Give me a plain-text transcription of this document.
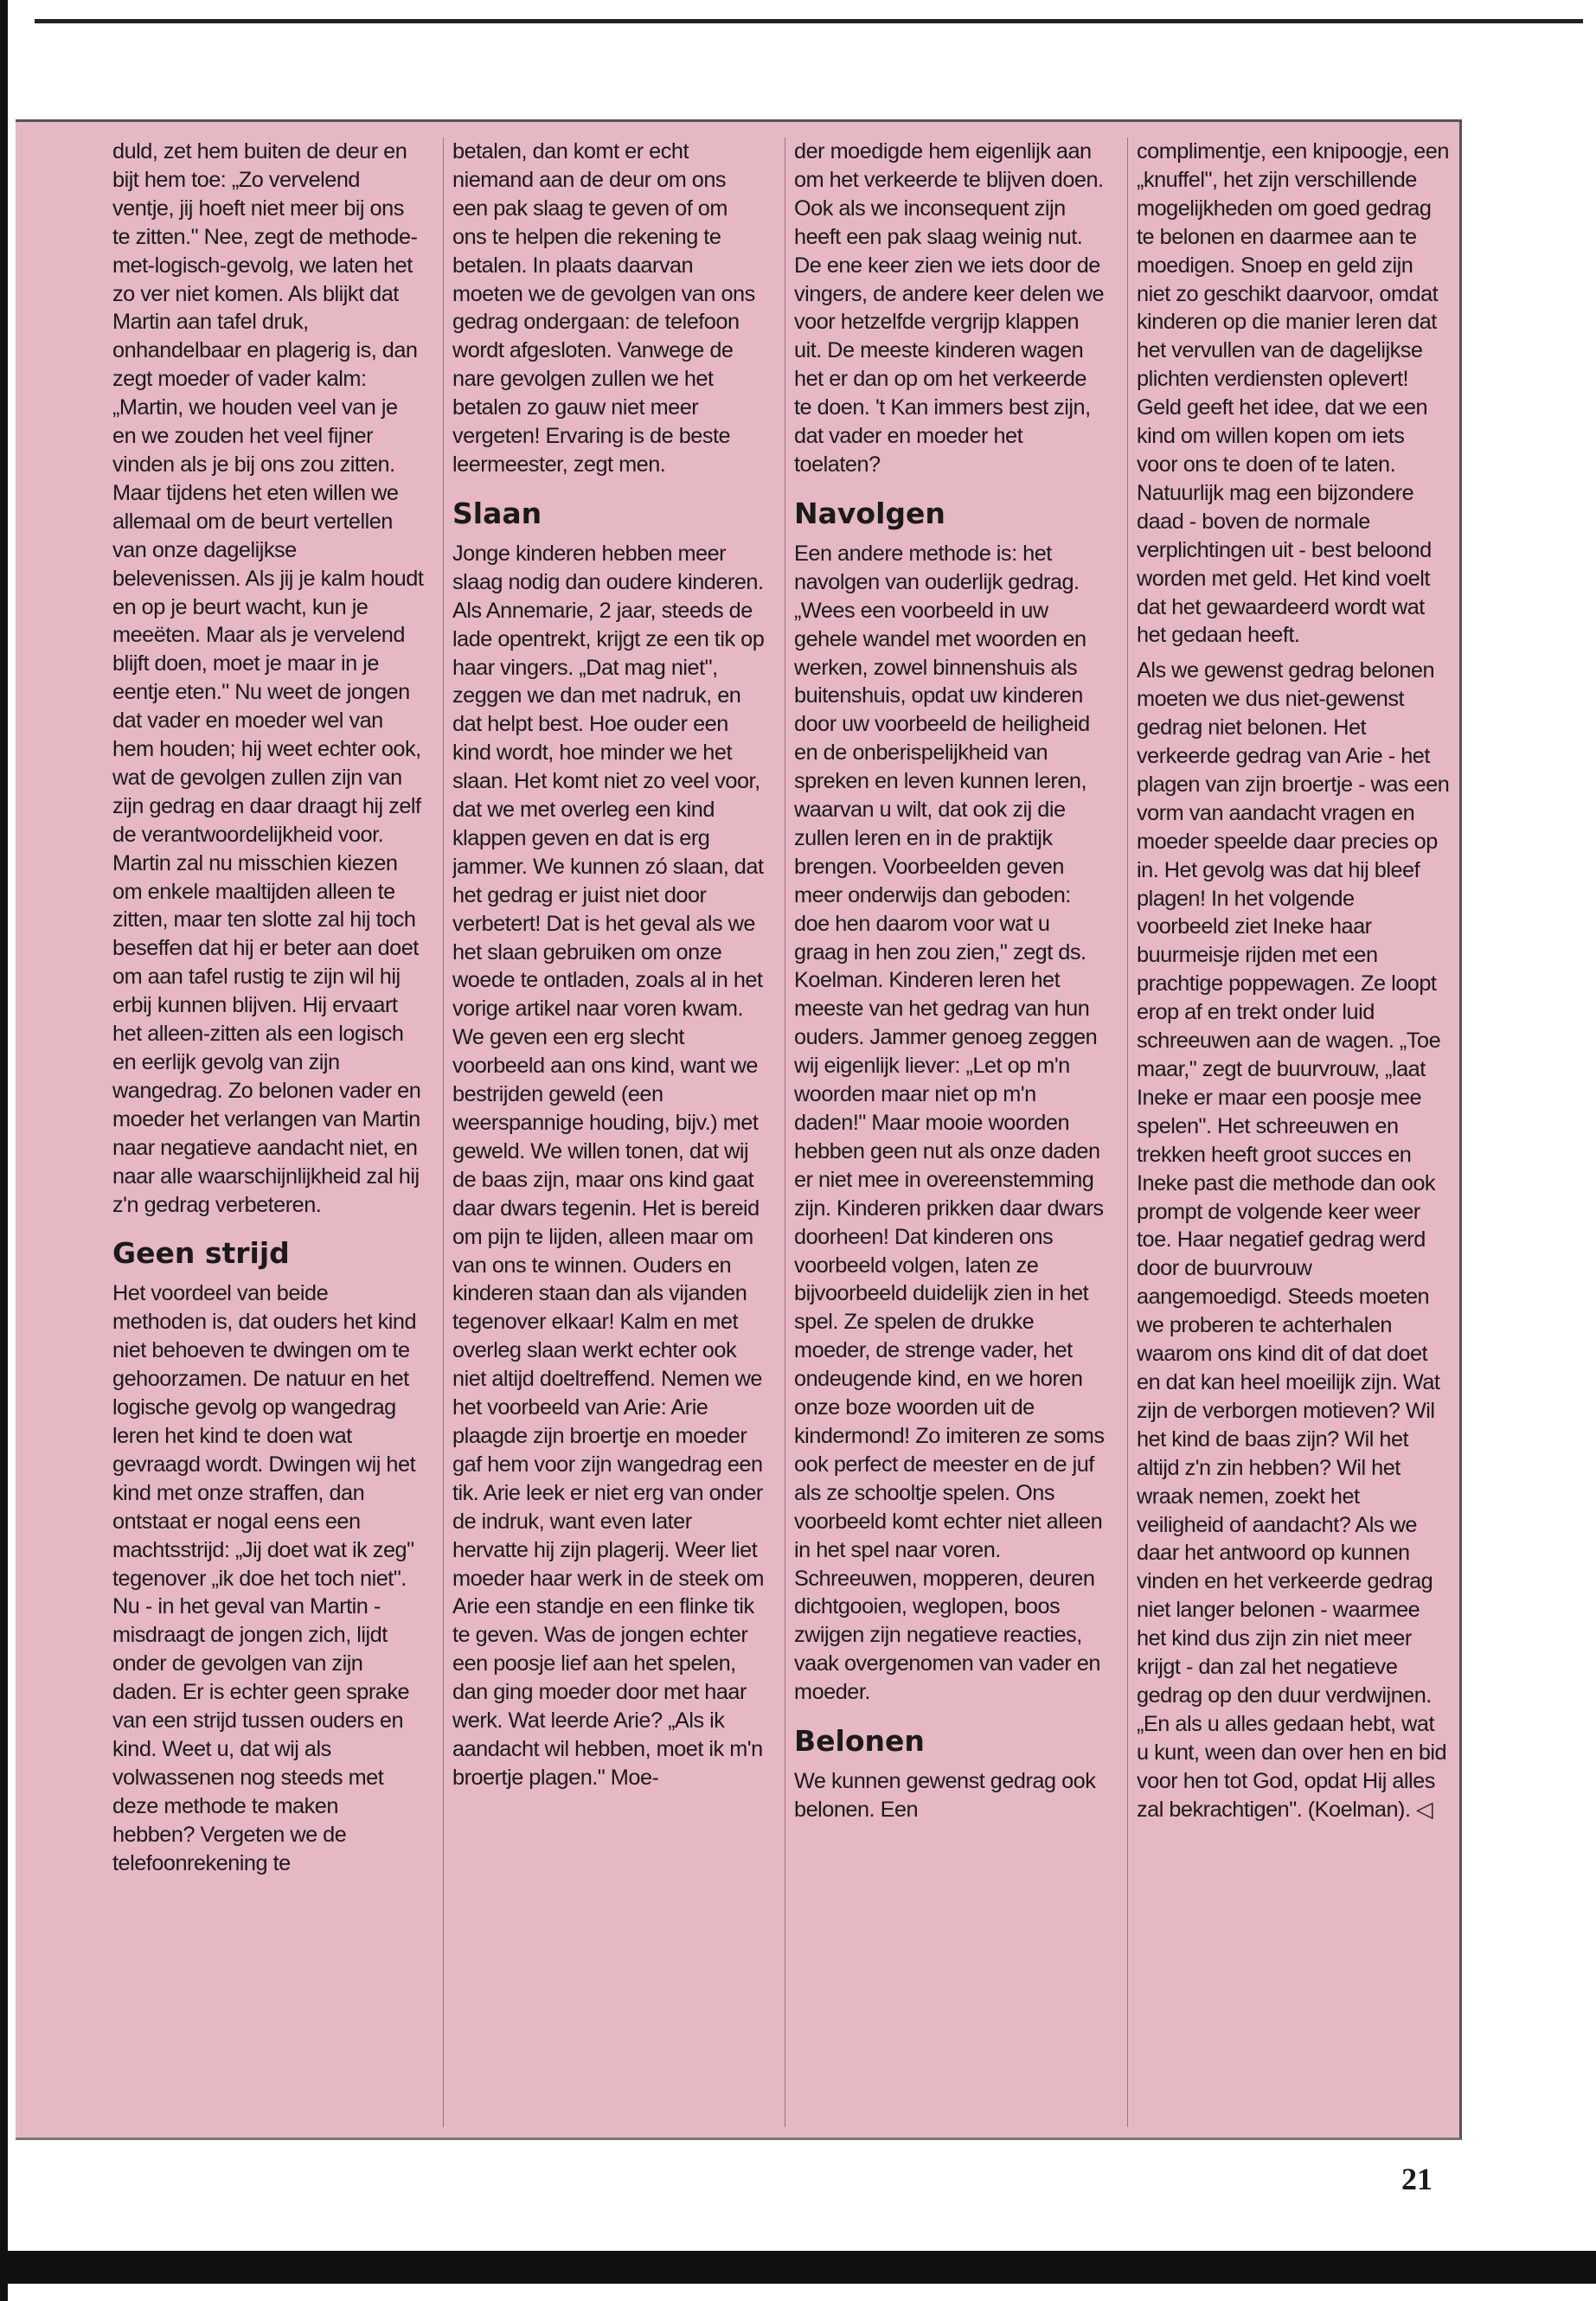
duld, zet hem buiten de deur en bijt hem toe: „Zo vervelend ventje, jij hoeft niet meer bij ons te zitten." Nee, zegt de methode-met-logisch-gevolg, we laten het zo ver niet komen. Als blijkt dat Martin aan tafel druk, onhandelbaar en plagerig is, dan zegt moeder of vader kalm: „Martin, we houden veel van je en we zouden het veel fijner vinden als je bij ons zou zitten. Maar tijdens het eten willen we allemaal om de beurt vertellen van onze dagelijkse belevenissen. Als jij je kalm houdt en op je beurt wacht, kun je meeëten. Maar als je vervelend blijft doen, moet je maar in je eentje eten." Nu weet de jongen dat vader en moeder wel van hem houden; hij weet echter ook, wat de gevolgen zullen zijn van zijn gedrag en daar draagt hij zelf de verantwoordelijkheid voor. Martin zal nu misschien kiezen om enkele maaltijden alleen te zitten, maar ten slotte zal hij toch beseffen dat hij er beter aan doet om aan tafel rustig te zijn wil hij erbij kunnen blijven. Hij ervaart het alleen-zitten als een logisch en eerlijk gevolg van zijn wangedrag. Zo belonen vader en moeder het verlangen van Martin naar negatieve aandacht niet, en naar alle waarschijnlijkheid zal hij z'n gedrag verbeteren.

Geen strijd

Het voordeel van beide methoden is, dat ouders het kind niet behoeven te dwingen om te gehoorzamen. De natuur en het logische gevolg op wangedrag leren het kind te doen wat gevraagd wordt. Dwingen wij het kind met onze straffen, dan ontstaat er nogal eens een machtsstrijd: „Jij doet wat ik zeg" tegenover „ik doe het toch niet". Nu - in het geval van Martin - misdraagt de jongen zich, lijdt onder de gevolgen van zijn daden. Er is echter geen sprake van een strijd tussen ouders en kind. Weet u, dat wij als volwassenen nog steeds met deze methode te maken hebben? Vergeten we de telefoonrekening te

betalen, dan komt er echt niemand aan de deur om ons een pak slaag te geven of om ons te helpen die rekening te betalen. In plaats daarvan moeten we de gevolgen van ons gedrag ondergaan: de telefoon wordt afgesloten. Vanwege de nare gevolgen zullen we het betalen zo gauw niet meer vergeten! Ervaring is de beste leermeester, zegt men.

Slaan

Jonge kinderen hebben meer slaag nodig dan oudere kinderen. Als Annemarie, 2 jaar, steeds de lade opentrekt, krijgt ze een tik op haar vingers. „Dat mag niet", zeggen we dan met nadruk, en dat helpt best. Hoe ouder een kind wordt, hoe minder we het slaan. Het komt niet zo veel voor, dat we met overleg een kind klappen geven en dat is erg jammer. We kunnen zó slaan, dat het gedrag er juist niet door verbetert! Dat is het geval als we het slaan gebruiken om onze woede te ontladen, zoals al in het vorige artikel naar voren kwam. We geven een erg slecht voorbeeld aan ons kind, want we bestrijden geweld (een weerspannige houding, bijv.) met geweld. We willen tonen, dat wij de baas zijn, maar ons kind gaat daar dwars tegenin. Het is bereid om pijn te lijden, alleen maar om van ons te winnen. Ouders en kinderen staan dan als vijanden tegenover elkaar! Kalm en met overleg slaan werkt echter ook niet altijd doeltreffend. Nemen we het voorbeeld van Arie: Arie plaagde zijn broertje en moeder gaf hem voor zijn wangedrag een tik. Arie leek er niet erg van onder de indruk, want even later hervatte hij zijn plagerij. Weer liet moeder haar werk in de steek om Arie een standje en een flinke tik te geven. Was de jongen echter een poosje lief aan het spelen, dan ging moeder door met haar werk. Wat leerde Arie? „Als ik aandacht wil hebben, moet ik m'n broertje plagen." Moe-

der moedigde hem eigenlijk aan om het verkeerde te blijven doen. Ook als we inconsequent zijn heeft een pak slaag weinig nut. De ene keer zien we iets door de vingers, de andere keer delen we voor hetzelfde vergrijp klappen uit. De meeste kinderen wagen het er dan op om het verkeerde te doen. 't Kan immers best zijn, dat vader en moeder het toelaten?

Navolgen

Een andere methode is: het navolgen van ouderlijk gedrag. „Wees een voorbeeld in uw gehele wandel met woorden en werken, zowel binnenshuis als buitenshuis, opdat uw kinderen door uw voorbeeld de heiligheid en de onberispelijkheid van spreken en leven kunnen leren, waarvan u wilt, dat ook zij die zullen leren en in de praktijk brengen. Voorbeelden geven meer onderwijs dan geboden: doe hen daarom voor wat u graag in hen zou zien," zegt ds. Koelman. Kinderen leren het meeste van het gedrag van hun ouders. Jammer genoeg zeggen wij eigenlijk liever: „Let op m'n woorden maar niet op m'n daden!" Maar mooie woorden hebben geen nut als onze daden er niet mee in overeenstemming zijn. Kinderen prikken daar dwars doorheen! Dat kinderen ons voorbeeld volgen, laten ze bijvoorbeeld duidelijk zien in het spel. Ze spelen de drukke moeder, de strenge vader, het ondeugende kind, en we horen onze boze woorden uit de kindermond! Zo imiteren ze soms ook perfect de meester en de juf als ze schooltje spelen. Ons voorbeeld komt echter niet alleen in het spel naar voren. Schreeuwen, mopperen, deuren dichtgooien, weglopen, boos zwijgen zijn negatieve reacties, vaak overgenomen van vader en moeder.

Belonen

We kunnen gewenst gedrag ook belonen. Een

complimentje, een knipoogje, een „knuffel", het zijn verschillende mogelijkheden om goed gedrag te belonen en daarmee aan te moedigen. Snoep en geld zijn niet zo geschikt daarvoor, omdat kinderen op die manier leren dat het vervullen van de dagelijkse plichten verdiensten oplevert! Geld geeft het idee, dat we een kind om willen kopen om iets voor ons te doen of te laten. Natuurlijk mag een bijzondere daad - boven de normale verplichtingen uit - best beloond worden met geld. Het kind voelt dat het gewaardeerd wordt wat het gedaan heeft.

Als we gewenst gedrag belonen moeten we dus niet-gewenst gedrag niet belonen. Het verkeerde gedrag van Arie - het plagen van zijn broertje - was een vorm van aandacht vragen en moeder speelde daar precies op in. Het gevolg was dat hij bleef plagen! In het volgende voorbeeld ziet Ineke haar buurmeisje rijden met een prachtige poppewagen. Ze loopt erop af en trekt onder luid schreeuwen aan de wagen. „Toe maar," zegt de buurvrouw, „laat Ineke er maar een poosje mee spelen". Het schreeuwen en trekken heeft groot succes en Ineke past die methode dan ook prompt de volgende keer weer toe. Haar negatief gedrag werd door de buurvrouw aangemoedigd. Steeds moeten we proberen te achterhalen waarom ons kind dit of dat doet en dat kan heel moeilijk zijn. Wat zijn de verborgen motieven? Wil het kind de baas zijn? Wil het altijd z'n zin hebben? Wil het wraak nemen, zoekt het veiligheid of aandacht? Als we daar het antwoord op kunnen vinden en het verkeerde gedrag niet langer belonen - waarmee het kind dus zijn zin niet meer krijgt - dan zal het negatieve gedrag op den duur verdwijnen. „En als u alles gedaan hebt, wat u kunt, ween dan over hen en bid voor hen tot God, opdat Hij alles zal bekrachtigen". (Koelman). ◁

21
